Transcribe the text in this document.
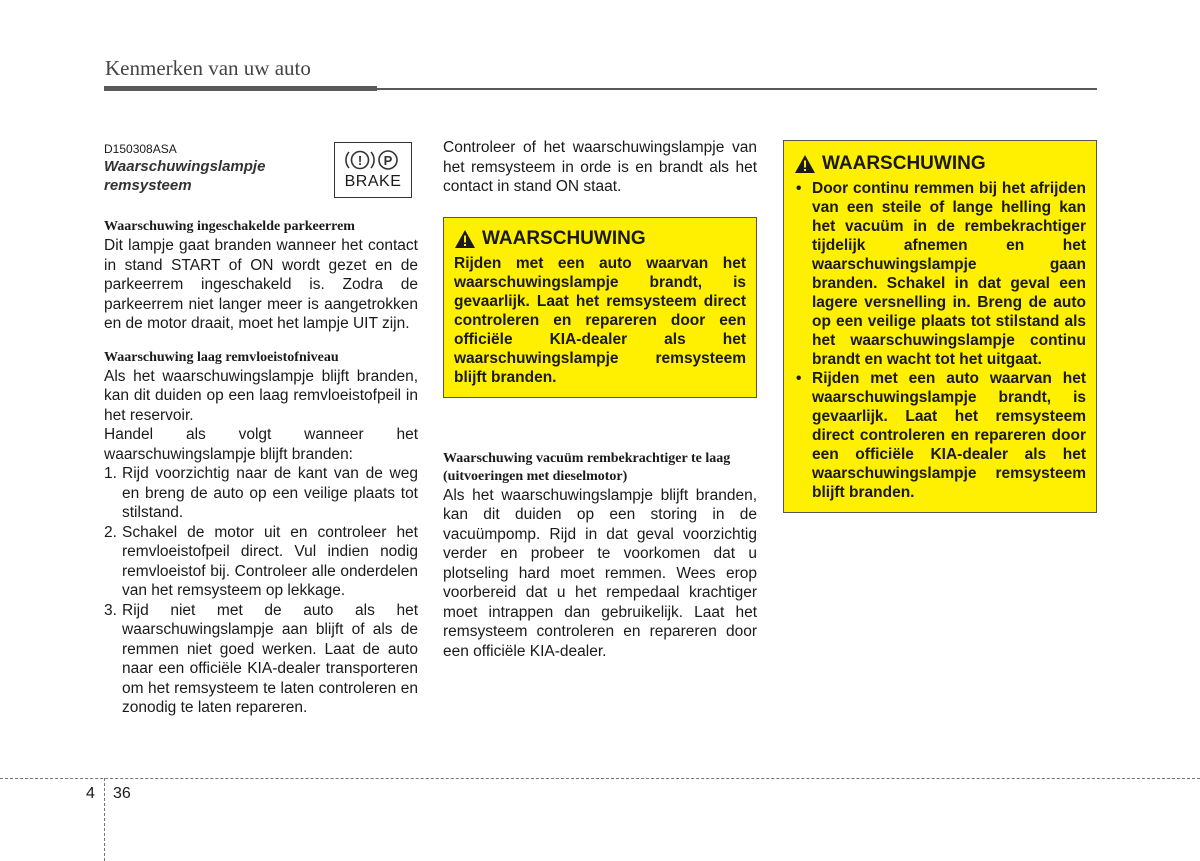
Kenmerken van uw auto
D150308ASA
Waarschuwingslampje
remsysteem
! P
BRAKE
Waarschuwing ingeschakelde parkeerrem

Dit lampje gaat branden wanneer het contact in stand START of ON wordt gezet en de parkeerrem ingeschakeld is. Zodra de parkeerrem niet langer meer is aangetrokken en de motor draait, moet het lampje UIT zijn.

Waarschuwing laag remvloeistofniveau

Als het waarschuwingslampje blijft branden, kan dit duiden op een laag remvloeistofpeil in het reservoir.

Handel als volgt wanneer het waarschuwingslampje blijft branden:

1. Rijd voorzichtig naar de kant van de weg en breng de auto op een veilige plaats tot stilstand.
2. Schakel de motor uit en controleer het remvloeistofpeil direct. Vul indien nodig remvloeistof bij. Controleer alle onderdelen van het remsysteem op lekkage.
3. Rijd niet met de auto als het waarschuwingslampje aan blijft of als de remmen niet goed werken. Laat de auto naar een officiële KIA-dealer transporteren om het remsysteem te laten controleren en zonodig te laten repareren.

Controleer of het waarschuwingslampje van het remsysteem in orde is en brandt als het contact in stand ON staat.

WAARSCHUWING
Rijden met een auto waarvan het waarschuwingslampje brandt, is gevaarlijk. Laat het remsysteem direct controleren en repareren door een officiële KIA-dealer als het waarschuwingslampje remsysteem blijft branden.
Waarschuwing vacuüm rembekrachtiger te laag (uitvoeringen met dieselmotor)

Als het waarschuwingslampje blijft branden, kan dit duiden op een storing in de vacuümpomp. Rijd in dat geval voorzichtig verder en probeer te voorkomen dat u plotseling hard moet remmen. Wees erop voorbereid dat u het rempedaal krachtiger moet intrappen dan gebruikelijk. Laat het remsysteem controleren en repareren door een officiële KIA-dealer.

WAARSCHUWING
• Door continu remmen bij het afrijden van een steile of lange helling kan het vacuüm in de rembekrachtiger tijdelijk afnemen en het waarschuwingslampje gaan branden. Schakel in dat geval een lagere versnelling in. Breng de auto op een veilige plaats tot stilstand als het waarschuwingslampje continu brandt en wacht tot het uitgaat.
• Rijden met een auto waarvan het waarschuwingslampje brandt, is gevaarlijk. Laat het remsysteem direct controleren en repareren door een officiële KIA-dealer als het waarschuwingslampje remsysteem blijft branden.
4 36
